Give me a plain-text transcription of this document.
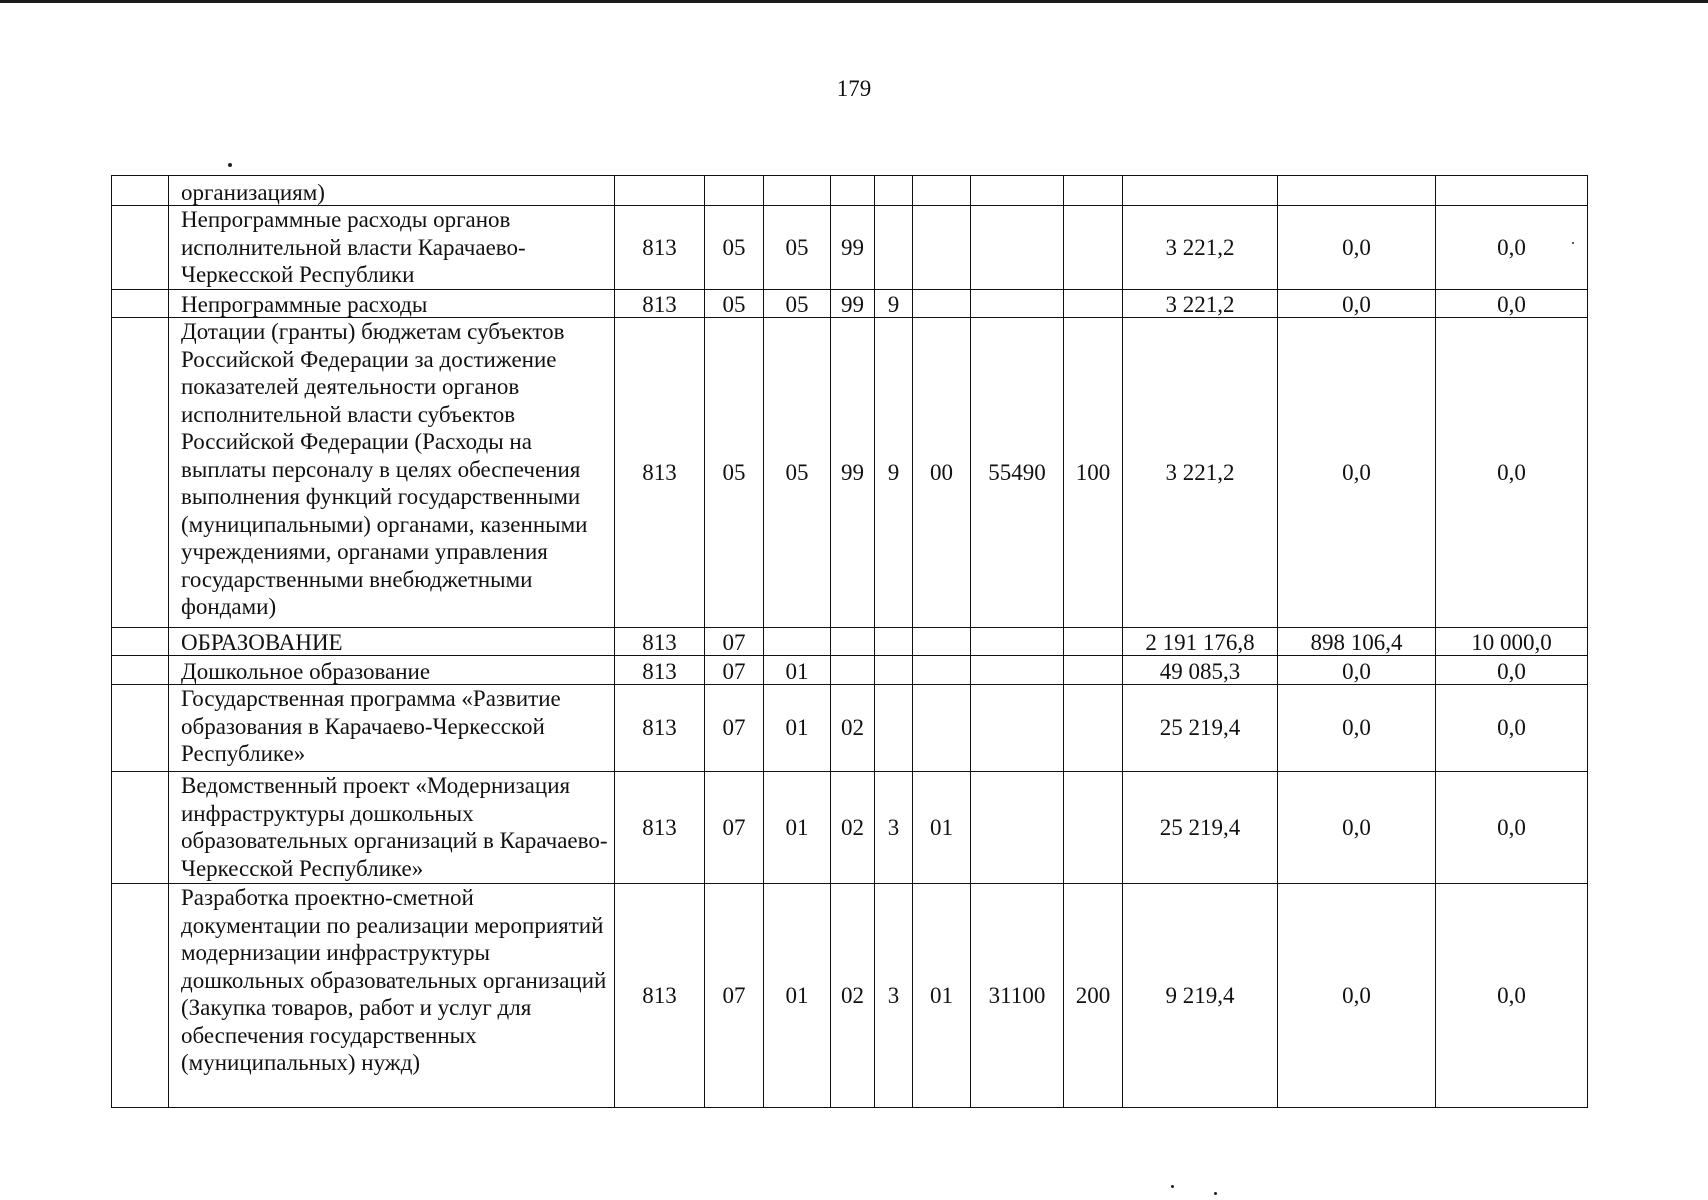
179
	организациям)											
	Непрограммные расходы органов исполнительной власти Карачаево-Черкесской Республики	813	05	05	99					3 221,2	0,0	0,0
	Непрограммные расходы	813	05	05	99	9				3 221,2	0,0	0,0
	Дотации (гранты) бюджетам субъектов Российской Федерации за достижение показателей деятельности органов исполнительной власти субъектов Российской Федерации (Расходы на выплаты персоналу в целях обеспечения выполнения функций государственными (муниципальными) органами, казенными учреждениями, органами управления государственными внебюджетными фондами)	813	05	05	99	9	00	55490	100	3 221,2	0,0	0,0
	ОБРАЗОВАНИЕ	813	07							2 191 176,8	898 106,4	10 000,0
	Дошкольное образование	813	07	01						49 085,3	0,0	0,0
	Государственная программа «Развитие образования в Карачаево-Черкесской Республике»	813	07	01	02					25 219,4	0,0	0,0
	Ведомственный проект «Модернизация инфраструктуры дошкольных образовательных организаций в Карачаево-Черкесской Республике»	813	07	01	02	3	01			25 219,4	0,0	0,0
	Разработка проектно-сметной документации по реализации мероприятий модернизации инфраструктуры дошкольных образовательных организаций (Закупка товаров, работ и услуг для обеспечения государственных (муниципальных) нужд)	813	07	01	02	3	01	31100	200	9 219,4	0,0	0,0
